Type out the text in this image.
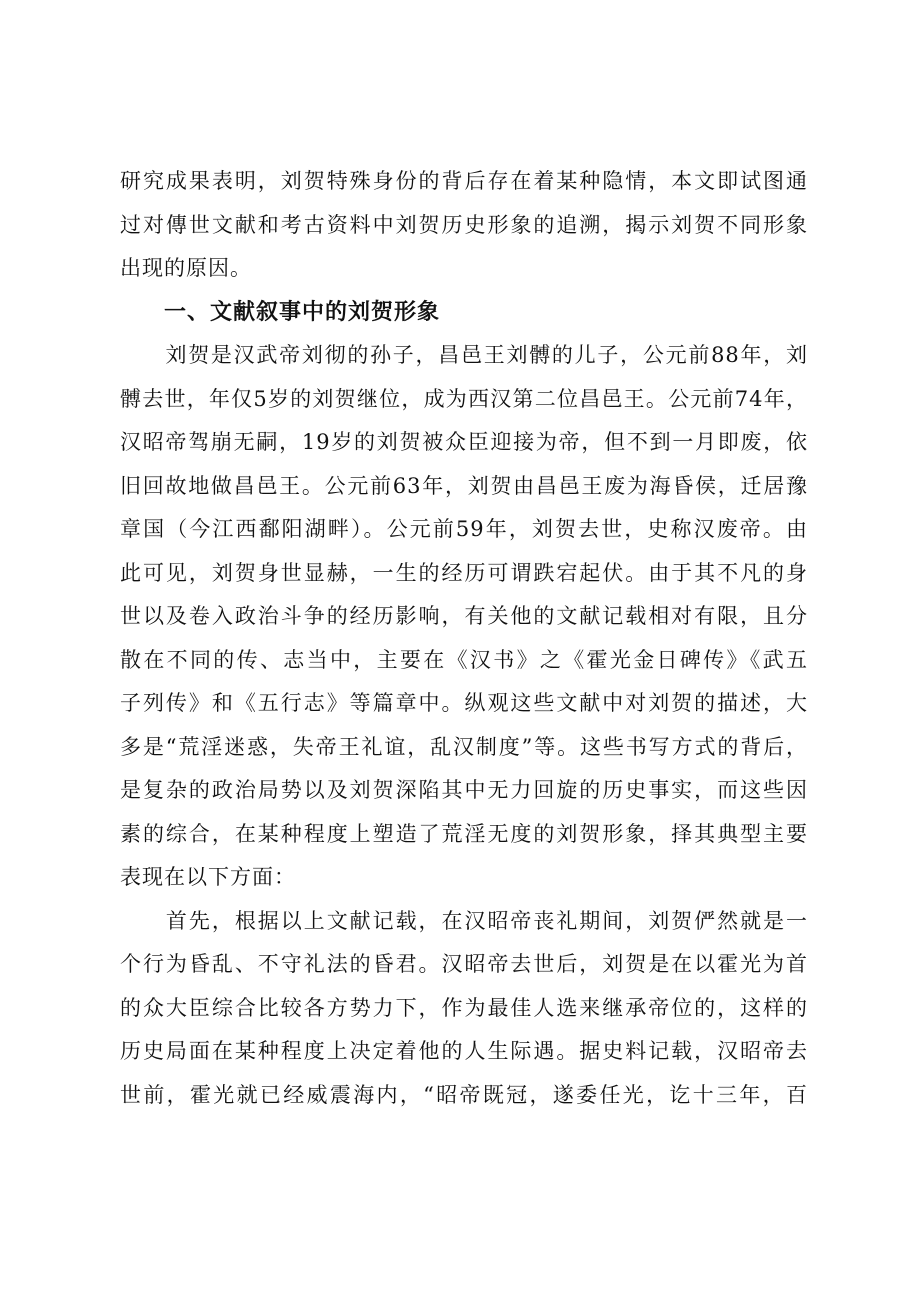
研究成果表明，刘贺特殊身份的背后存在着某种隐情，本文即试图通
过对傳世文献和考古资料中刘贺历史形象的追溯，揭示刘贺不同形象
出现的原因。
一、文献叙事中的刘贺形象
　　刘贺是汉武帝刘彻的孙子，昌邑王刘髆的儿子，公元前88年，刘
髆去世，年仅5岁的刘贺继位，成为西汉第二位昌邑王。公元前74年，
汉昭帝驾崩无嗣，19岁的刘贺被众臣迎接为帝，但不到一月即废，依
旧回故地做昌邑王。公元前63年，刘贺由昌邑王废为海昏侯，迁居豫
章国（今江西鄱阳湖畔）。公元前59年，刘贺去世，史称汉废帝。由
此可见，刘贺身世显赫，一生的经历可谓跌宕起伏。由于其不凡的身
世以及卷入政治斗争的经历影响，有关他的文献记载相对有限，且分
散在不同的传、志当中，主要在《汉书》之《霍光金日碑传》《武五
子列传》和《五行志》等篇章中。纵观这些文献中对刘贺的描述，大
多是“荒淫迷惑，失帝王礼谊，乱汉制度”等。这些书写方式的背后，
是复杂的政治局势以及刘贺深陷其中无力回旋的历史事实，而这些因
素的综合，在某种程度上塑造了荒淫无度的刘贺形象，择其典型主要
表现在以下方面：
　　首先，根据以上文献记载，在汉昭帝丧礼期间，刘贺俨然就是一
个行为昏乱、不守礼法的昏君。汉昭帝去世后，刘贺是在以霍光为首
的众大臣综合比较各方势力下，作为最佳人选来继承帝位的，这样的
历史局面在某种程度上决定着他的人生际遇。据史料记载，汉昭帝去
世前，霍光就已经威震海内，“昭帝既冠，遂委任光，讫十三年，百
